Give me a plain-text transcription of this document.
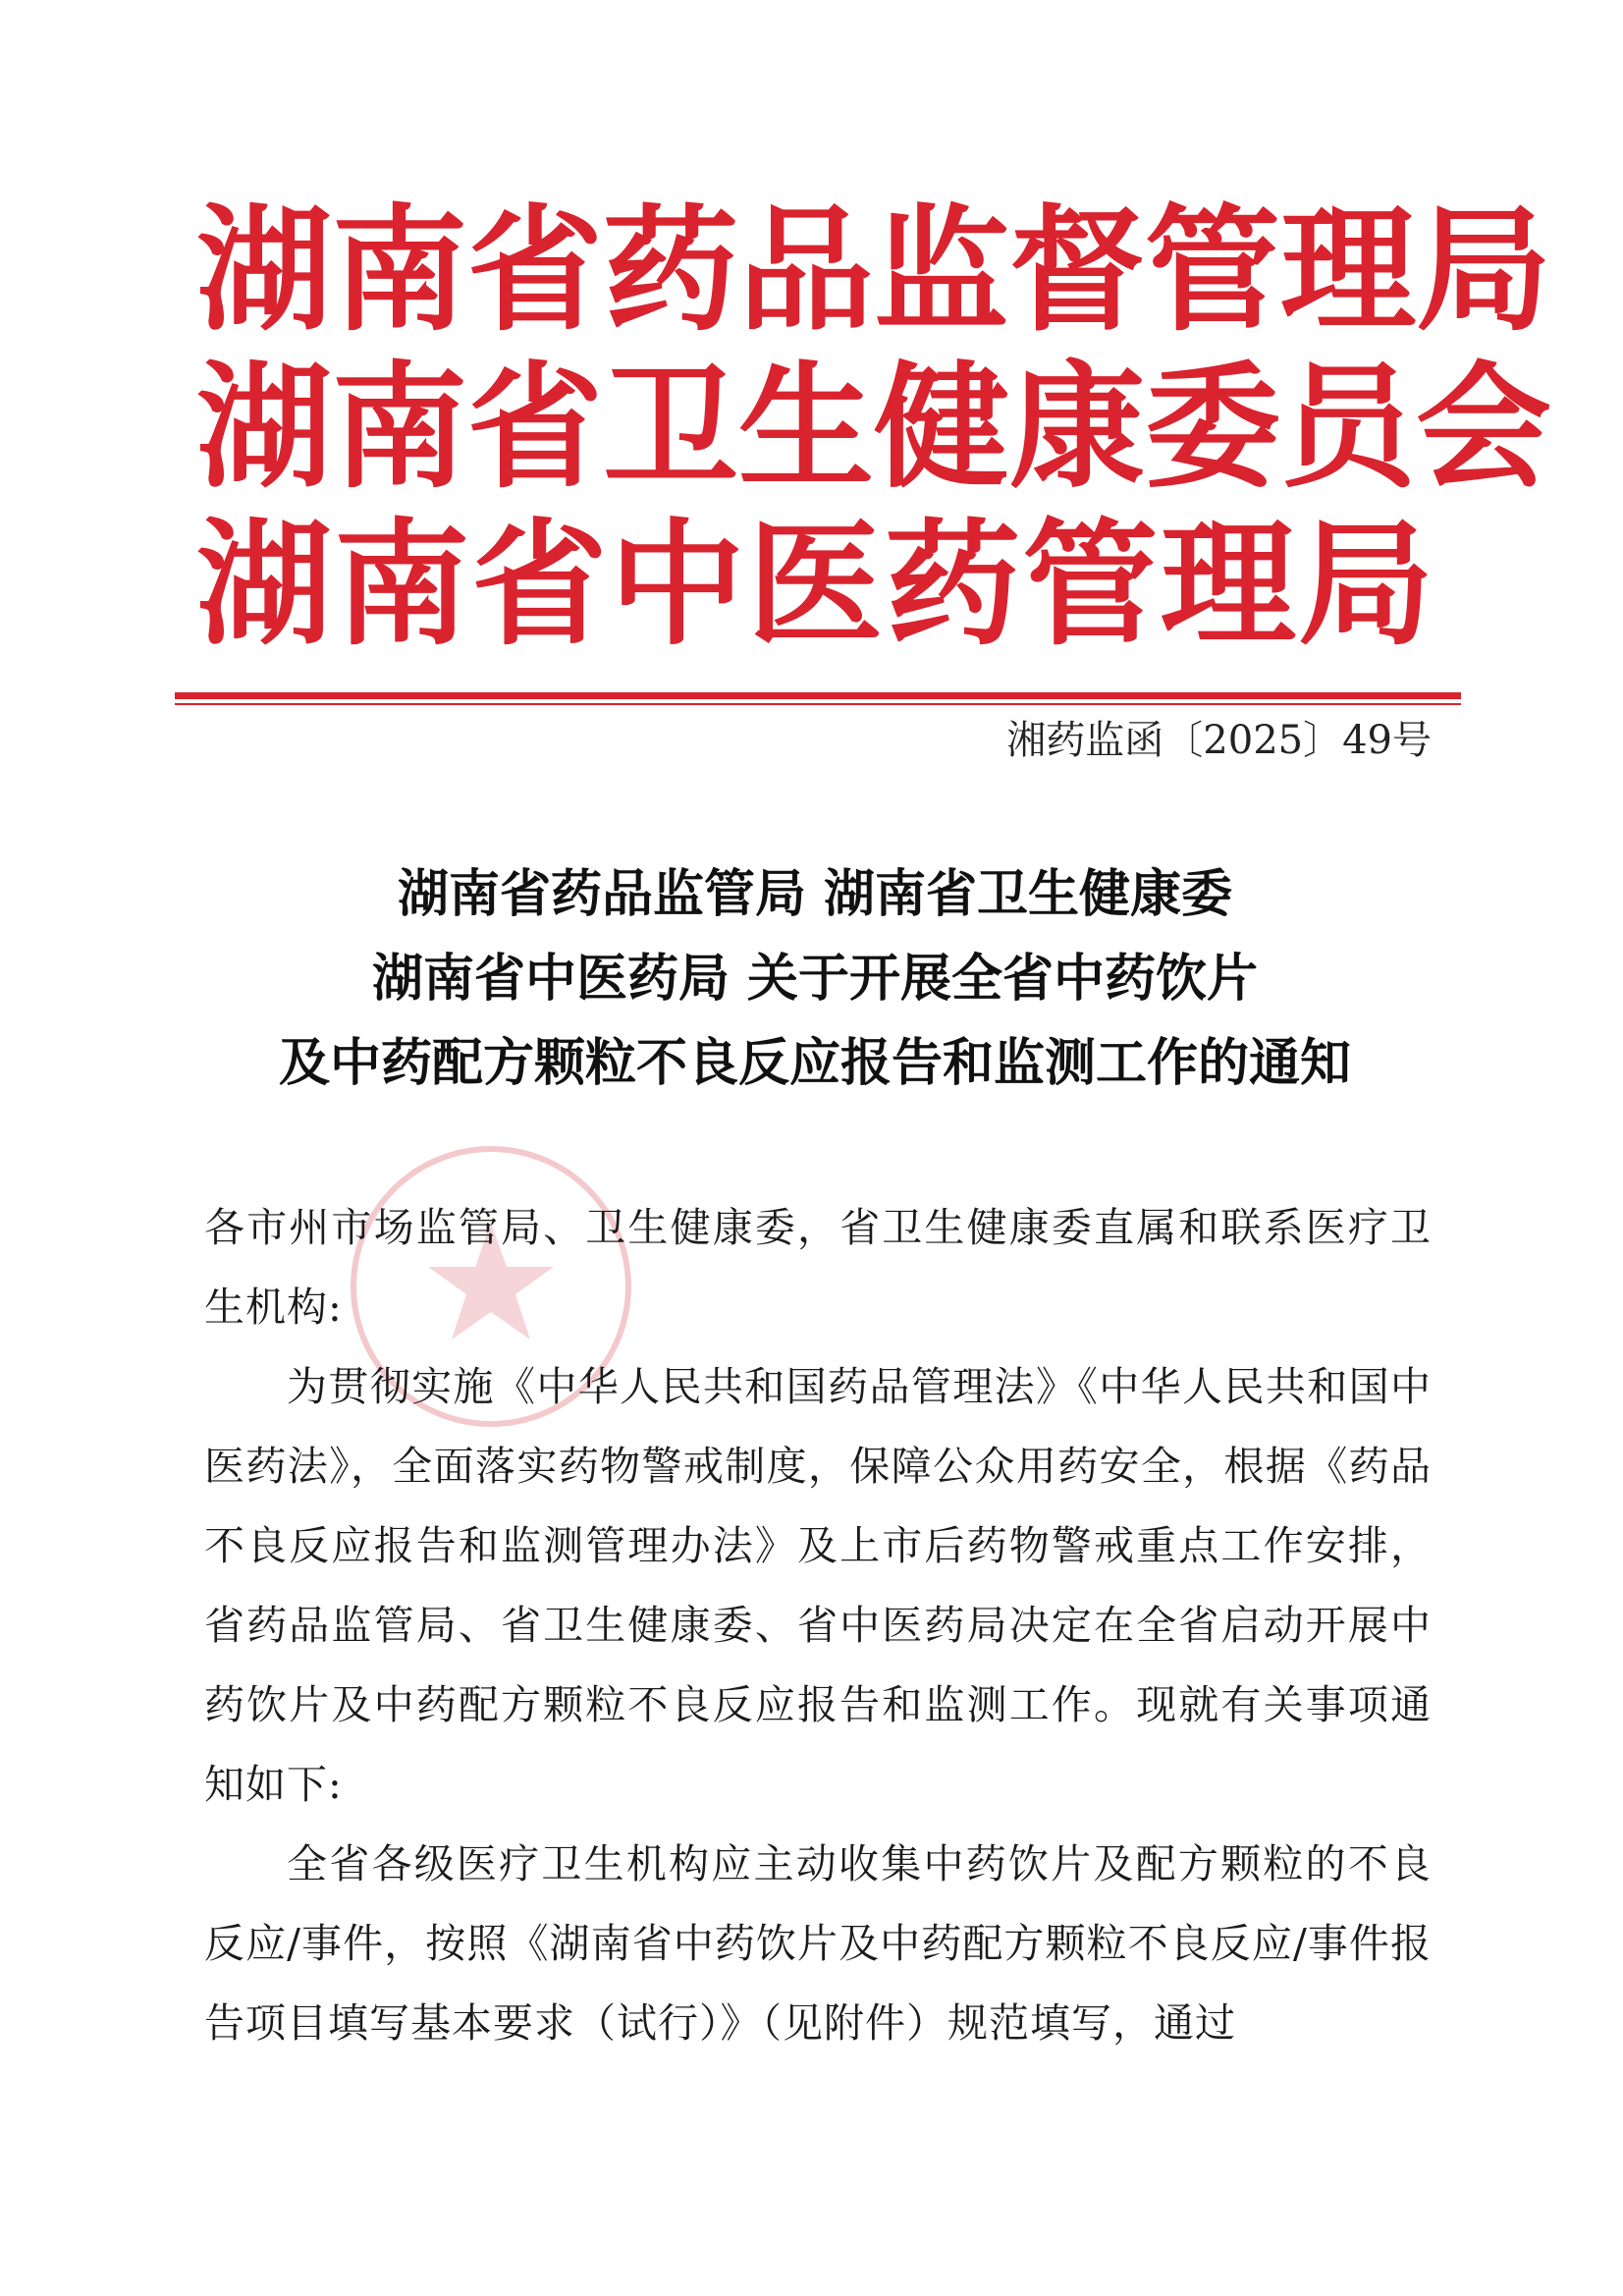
湖南省药品监督管理局
湖南省卫生健康委员会
湖南省中医药管理局
湘药监函〔2025〕49号
湖南省药品监管局 湖南省卫生健康委
湖南省中医药局 关于开展全省中药饮片
及中药配方颗粒不良反应报告和监测工作的通知

各市州市场监管局、卫生健康委，省卫生健康委直属和联系医疗卫生机构:

为贯彻实施《中华人民共和国药品管理法》《中华人民共和国中医药法》，全面落实药物警戒制度，保障公众用药安全，根据《药品不良反应报告和监测管理办法》及上市后药物警戒重点工作安排，省药品监管局、省卫生健康委、省中医药局决定在全省启动开展中药饮片及中药配方颗粒不良反应报告和监测工作。现就有关事项通知如下:

全省各级医疗卫生机构应主动收集中药饮片及配方颗粒的不良反应/事件，按照《湖南省中药饮片及中药配方颗粒不良反应/事件报告项目填写基本要求（试行）》（见附件）规范填写，通过
